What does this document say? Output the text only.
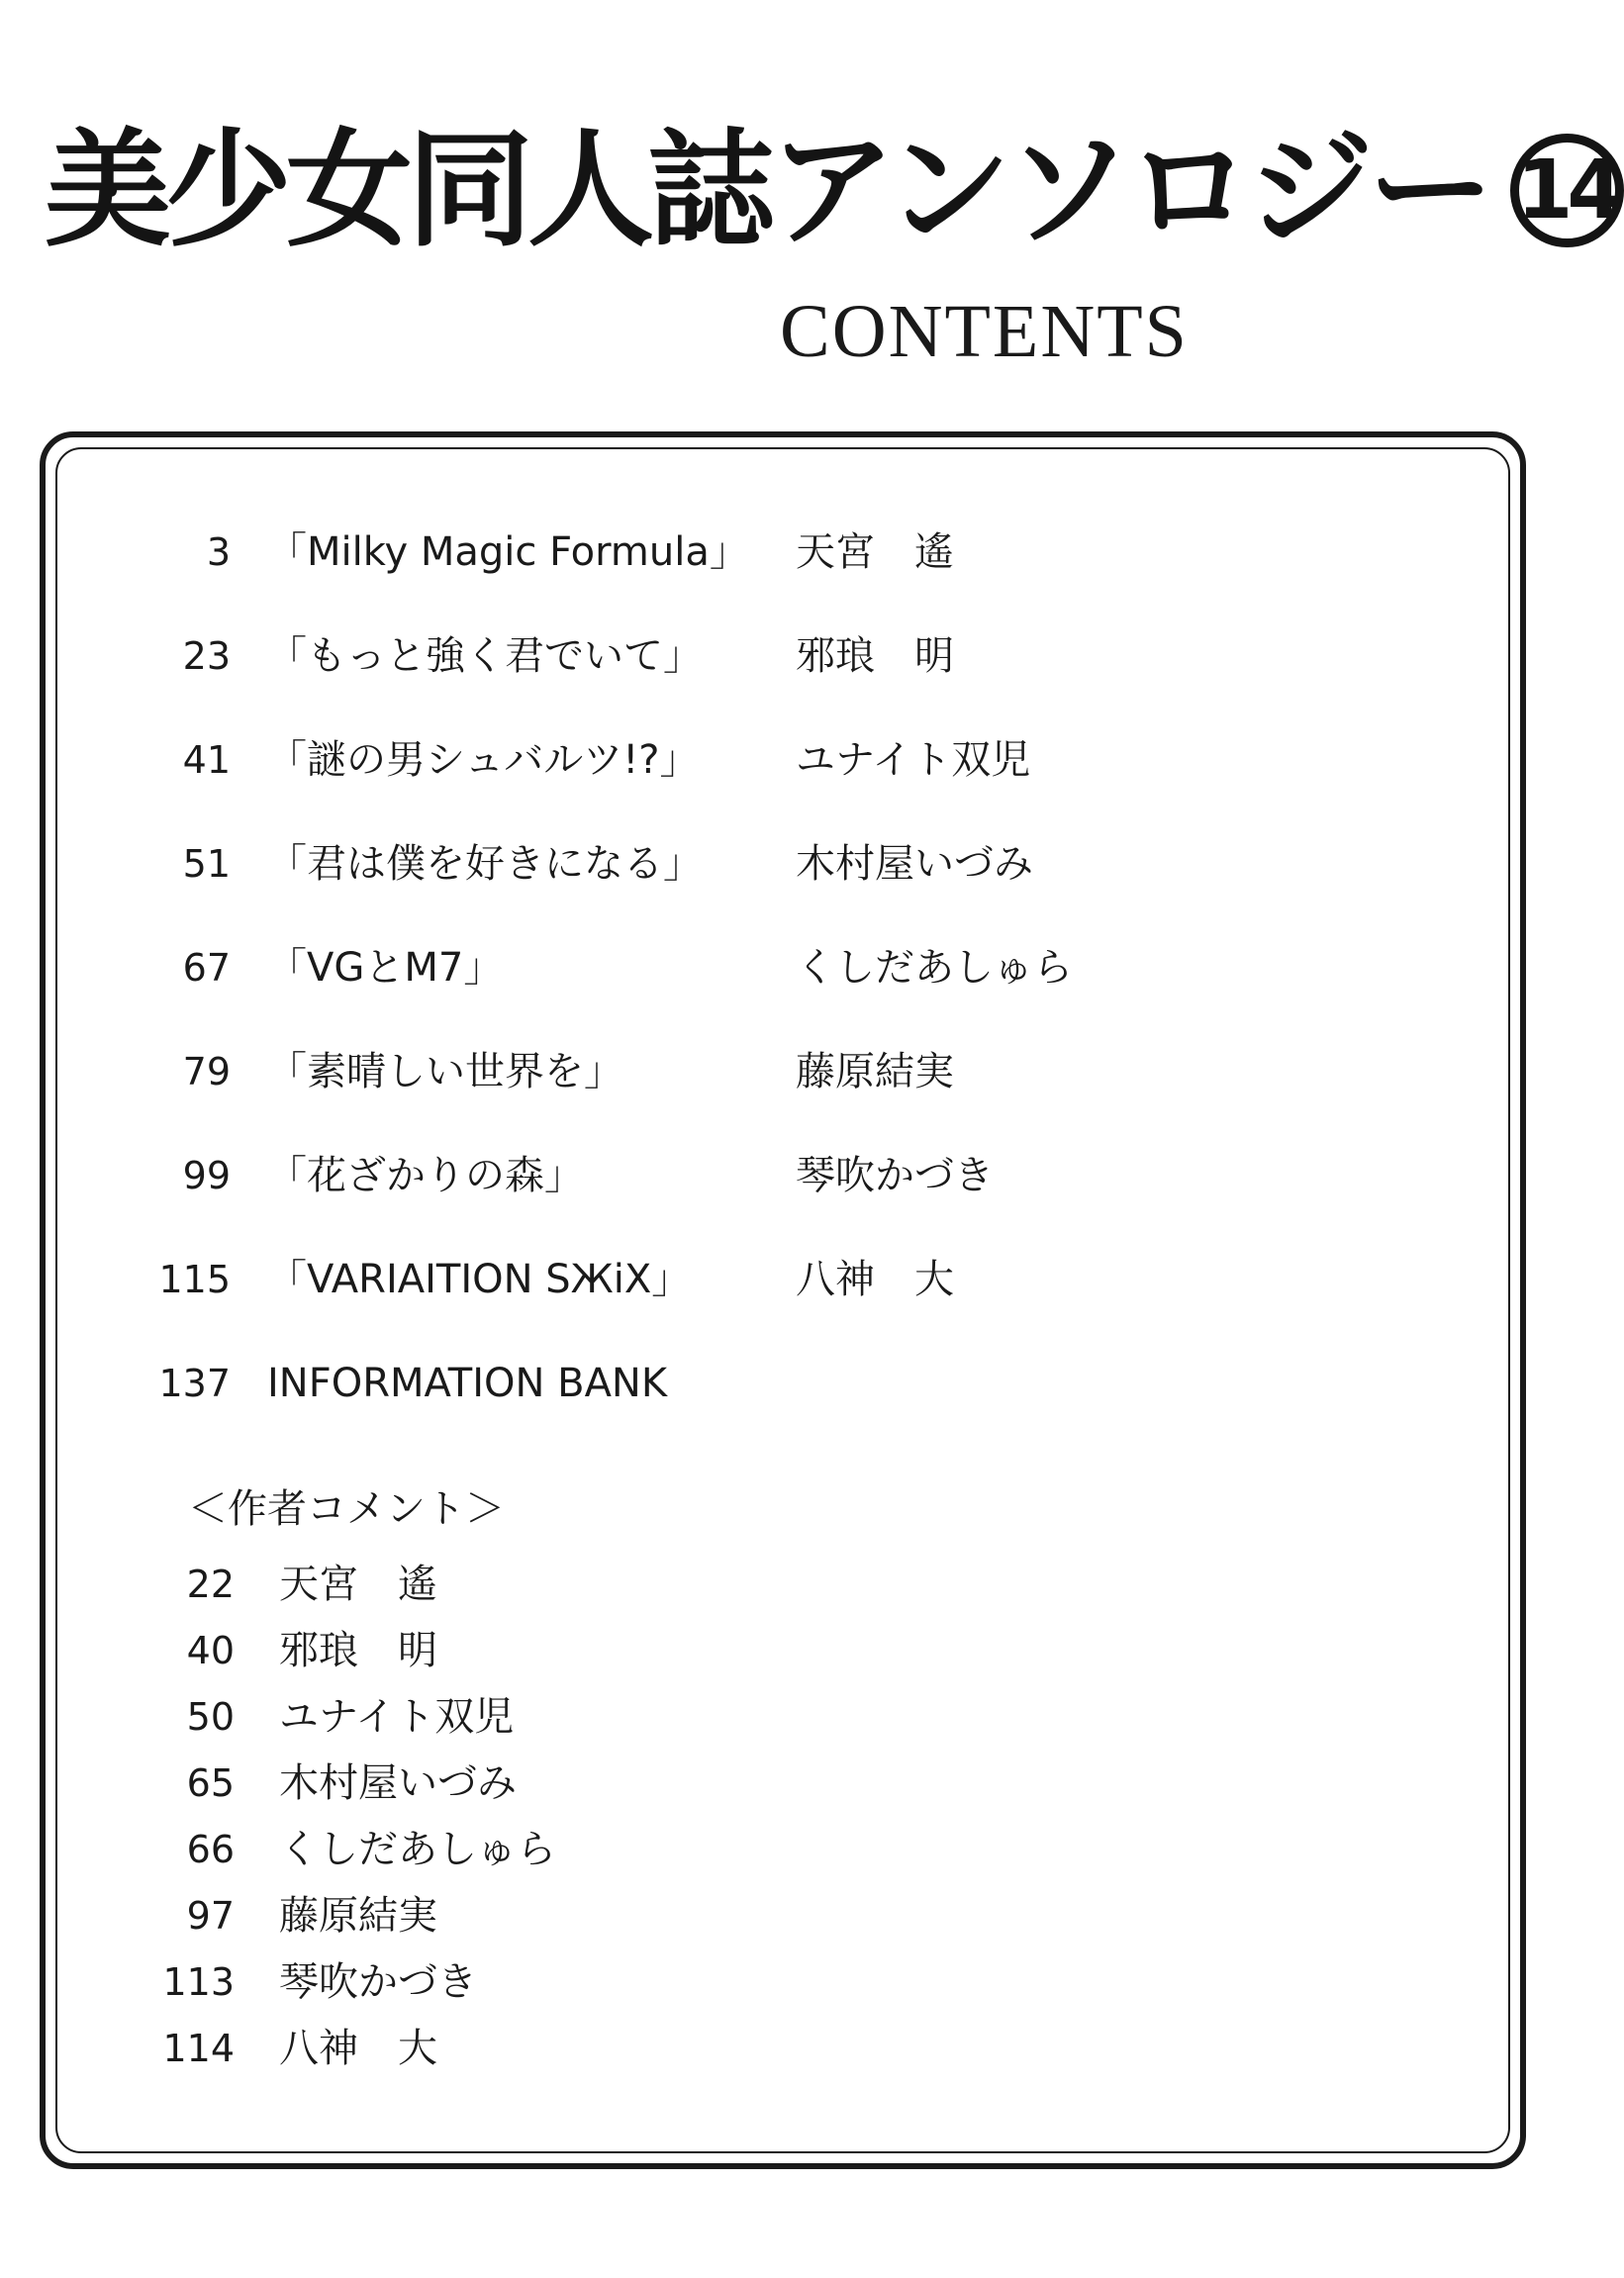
美少女同人誌アンソロジー 14
CONTENTS
3 「Milky Magic Formula」 天宮　遙
23 「もっと強く君でいて」 邪琅　明
41 「謎の男シュバルツ!?」 ユナイト双児
51 「君は僕を好きになる」 木村屋いづみ
67 「VGとM7」	くしだあしゅら
79 「素晴しい世界を」	藤原結実
99 「花ざかりの森」	琴吹かづき
115 「VARIAITION SЖiX」	八神　大
137 INFORMATION BANK
＜作者コメント＞
22 天宮　遙
40 邪琅　明
50 ユナイト双児
65 木村屋いづみ
66 くしだあしゅら
97 藤原結実
113 琴吹かづき
114 八神　大
